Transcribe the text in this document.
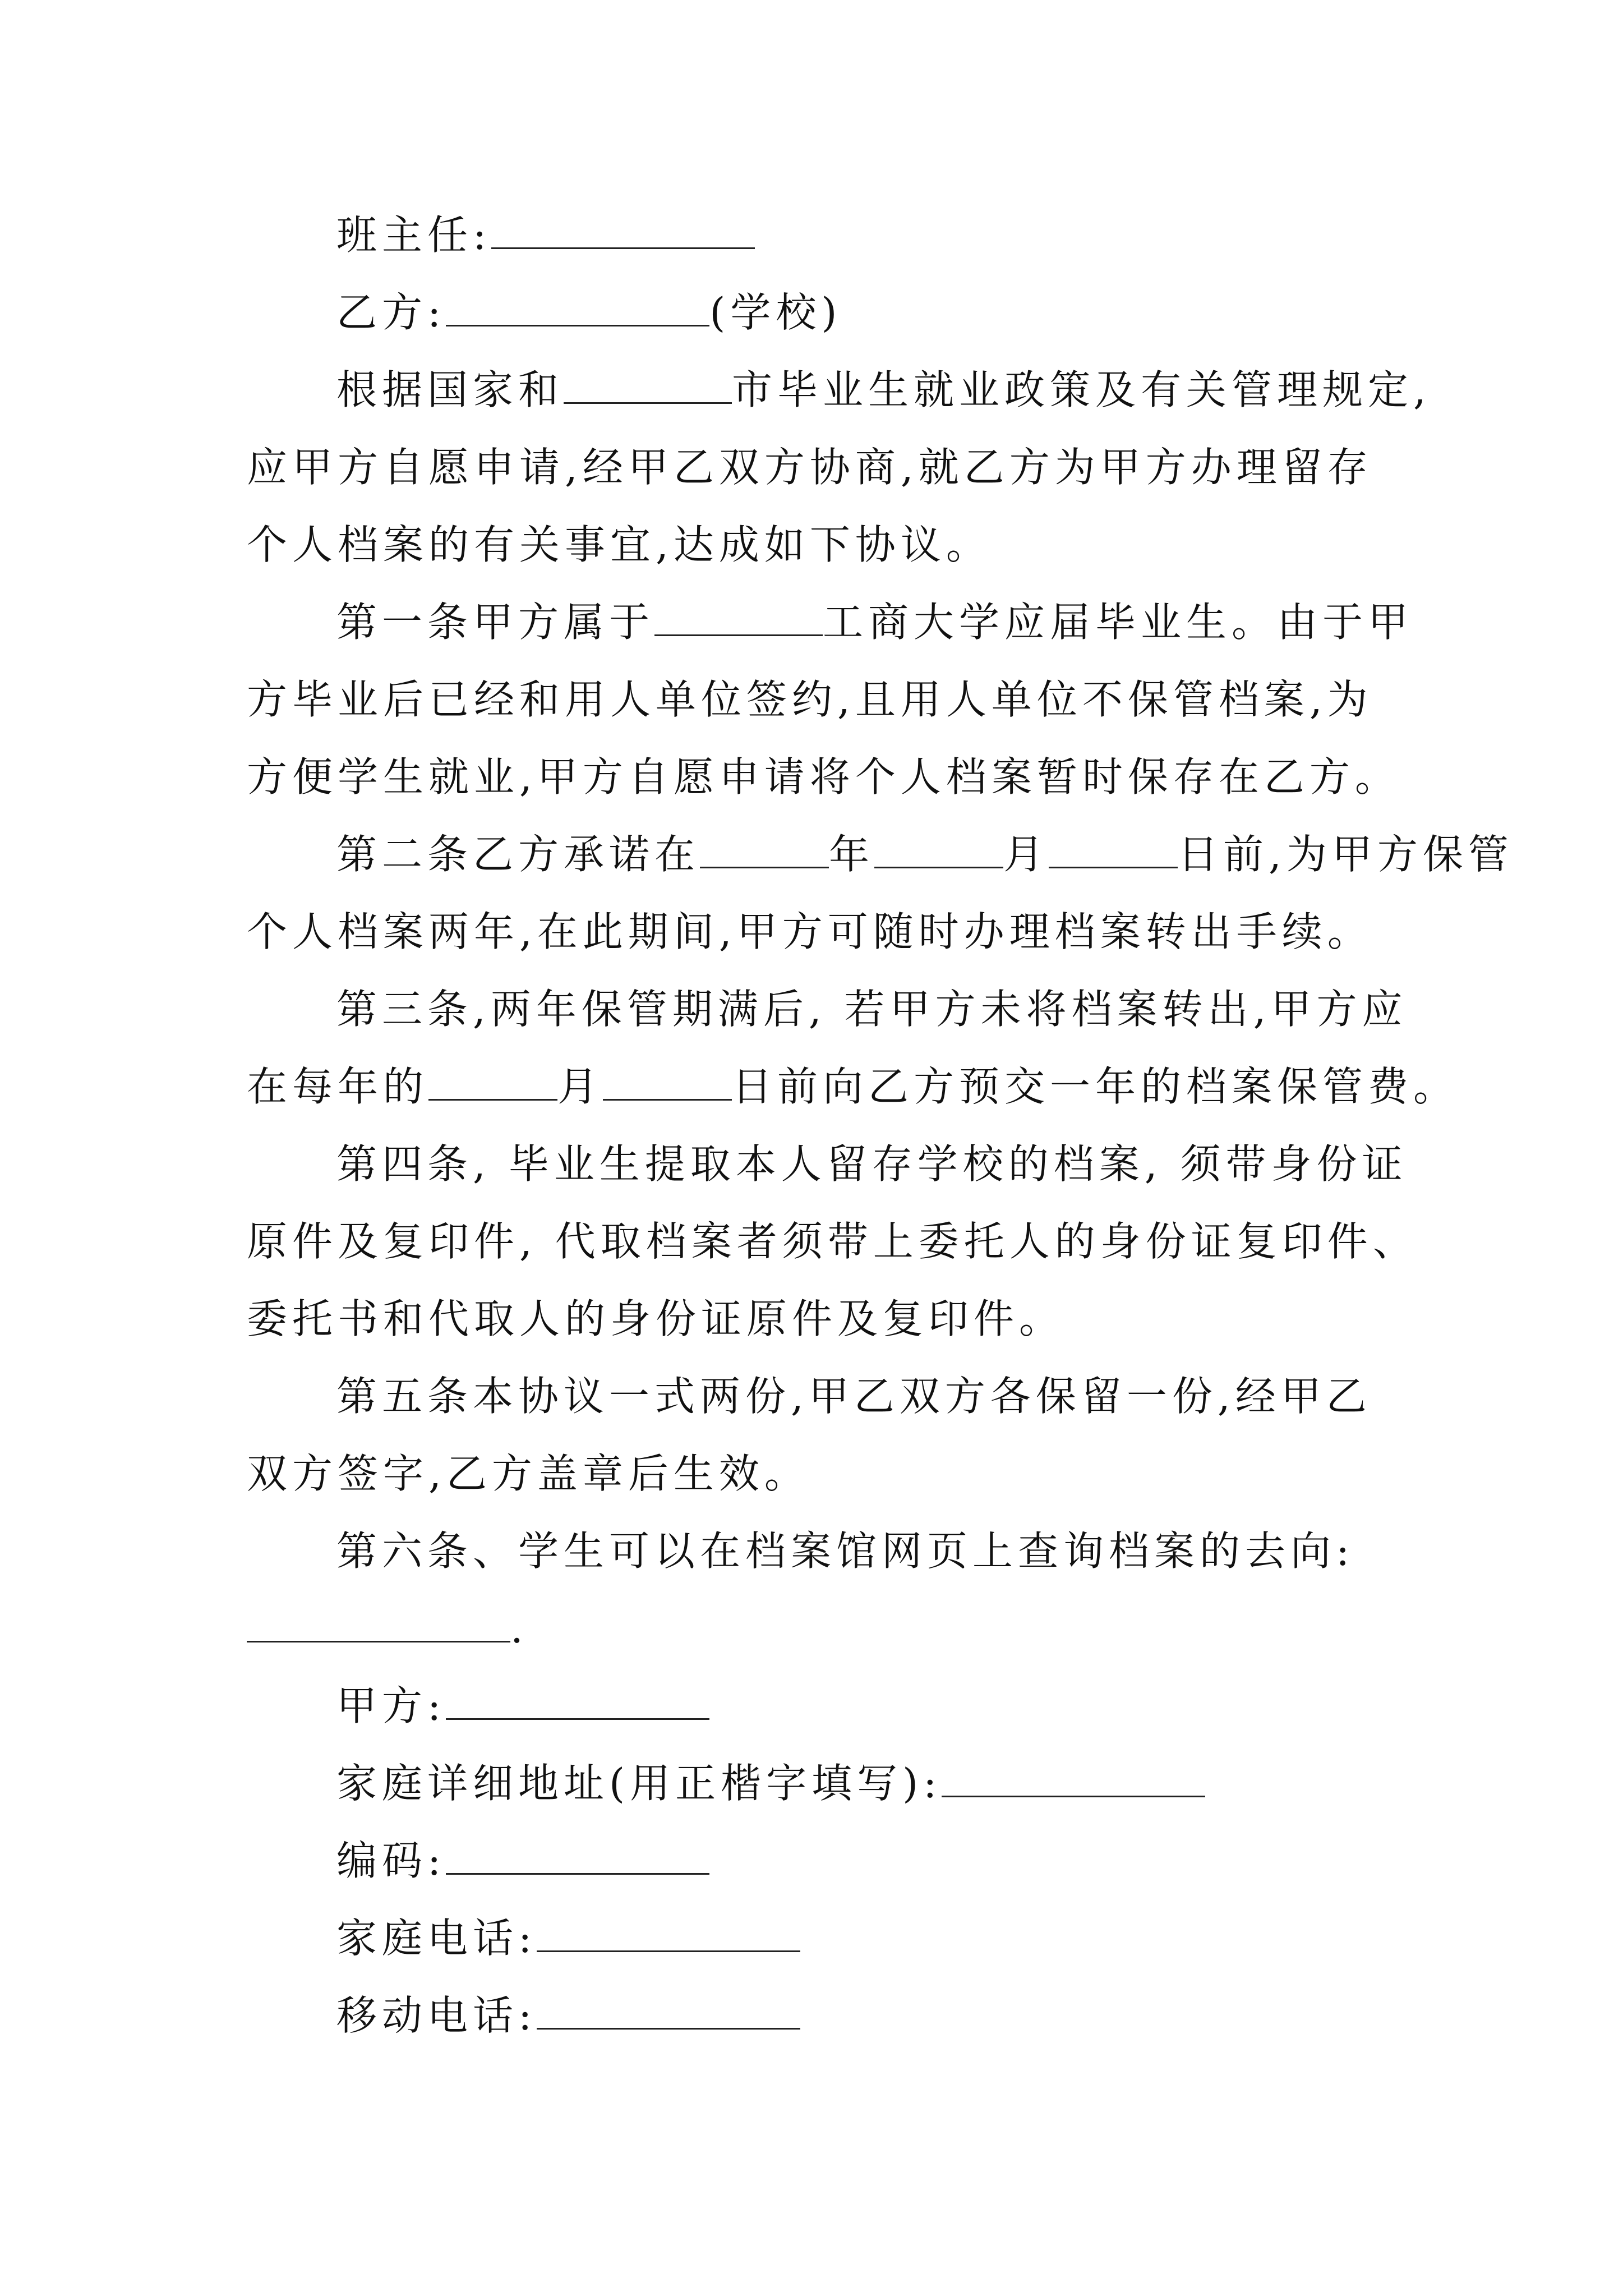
班主任:
乙方:	(学校)
根据国家和	市毕业生就业政策及有关管理规定,
应甲方自愿申请,经甲乙双方协商,就乙方为甲方办理留存
个人档案的有关事宜,达成如下协议。
第一条甲方属于	工商大学应届毕业生。由于甲
方毕业后已经和用人单位签约,且用人单位不保管档案,为
方便学生就业,甲方自愿申请将个人档案暂时保存在乙方。
第二条乙方承诺在	年	月	日前,为甲方保管
个人档案两年,在此期间,甲方可随时办理档案转出手续。
第三条,两年保管期满后, 若甲方未将档案转出,甲方应
在每年的	月	日前向乙方预交一年的档案保管费。
第四条, 毕业生提取本人留存学校的档案, 须带身份证
原件及复印件, 代取档案者须带上委托人的身份证复印件、
委托书和代取人的身份证原件及复印件。
第五条本协议一式两份,甲乙双方各保留一份,经甲乙
双方签字,乙方盖章后生效。
第六条、学生可以在档案馆网页上查询档案的去向:
.
甲方:
家庭详细地址(用正楷字填写):
编码:
家庭电话:
移动电话:
